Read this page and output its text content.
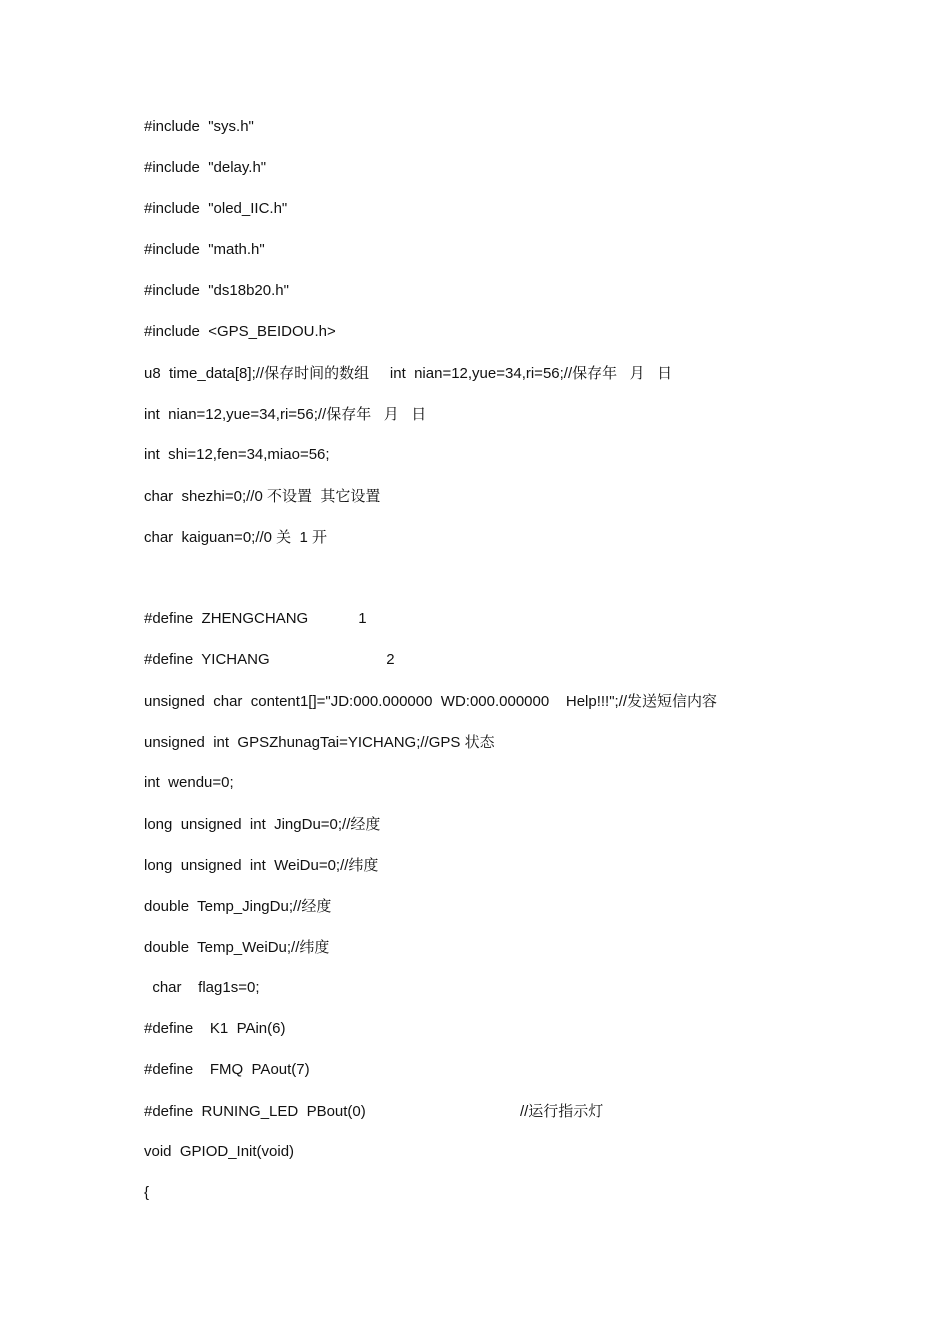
#include  "sys.h"
#include  "delay.h"
#include  "oled_IIC.h"
#include  "math.h"
#include  "ds18b20.h"
#include  <GPS_BEIDOU.h>
u8  time_data[8];//保存时间的数组     int  nian=12,yue=34,ri=56;//保存年   月   日
int  nian=12,yue=34,ri=56;//保存年   月   日
int  shi=12,fen=34,miao=56;
char  shezhi=0;//0 不设置  其它设置
char  kaiguan=0;//0 关  1 开
#define  ZHENGCHANG            1
#define  YICHANG                            2
unsigned  char  content1[]="JD:000.000000  WD:000.000000    Help!!!";//发送短信内容
unsigned  int  GPSZhunagTai=YICHANG;//GPS 状态
int  wendu=0;
long  unsigned  int  JingDu=0;//经度
long  unsigned  int  WeiDu=0;//纬度
double  Temp_JingDu;//经度
double  Temp_WeiDu;//纬度
char    flag1s=0;
#define    K1  PAin(6)
#define    FMQ  PAout(7)
#define  RUNING_LED  PBout(0)                                     //运行指示灯
void  GPIOD_Init(void)
{
